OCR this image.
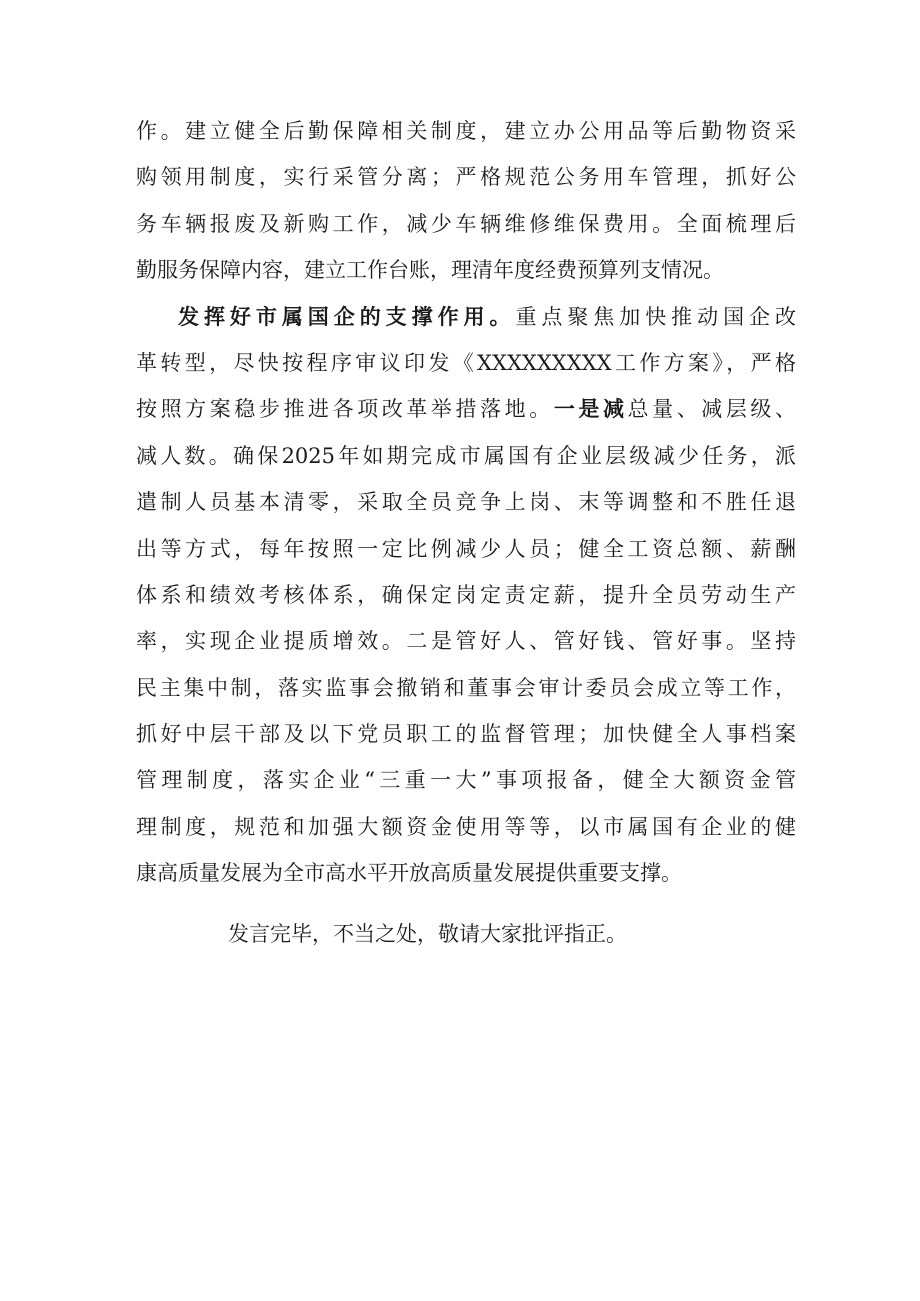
作。建立健全后勤保障相关制度，建立办公用品等后勤物资采
购领用制度，实行采管分离；严格规范公务用车管理，抓好公
务车辆报废及新购工作，减少车辆维修维保费用。全面梳理后
勤服务保障内容，建立工作台账，理清年度经费预算列支情况。
发挥好市属国企的支撑作用。重点聚焦加快推动国企改
革转型，尽快按程序审议印发《XXXXXXXXX工作方案》，严格
按照方案稳步推进各项改革举措落地。一是减总量、减层级、
减人数。确保2025年如期完成市属国有企业层级减少任务，派
遣制人员基本清零，采取全员竞争上岗、末等调整和不胜任退
出等方式，每年按照一定比例减少人员；健全工资总额、薪酬
体系和绩效考核体系，确保定岗定责定薪，提升全员劳动生产
率，实现企业提质增效。二是管好人、管好钱、管好事。坚持
民主集中制，落实监事会撤销和董事会审计委员会成立等工作，
抓好中层干部及以下党员职工的监督管理；加快健全人事档案
管理制度，落实企业“三重一大”事项报备，健全大额资金管
理制度，规范和加强大额资金使用等等，以市属国有企业的健
康高质量发展为全市高水平开放高质量发展提供重要支撑。
发言完毕，不当之处，敬请大家批评指正。
